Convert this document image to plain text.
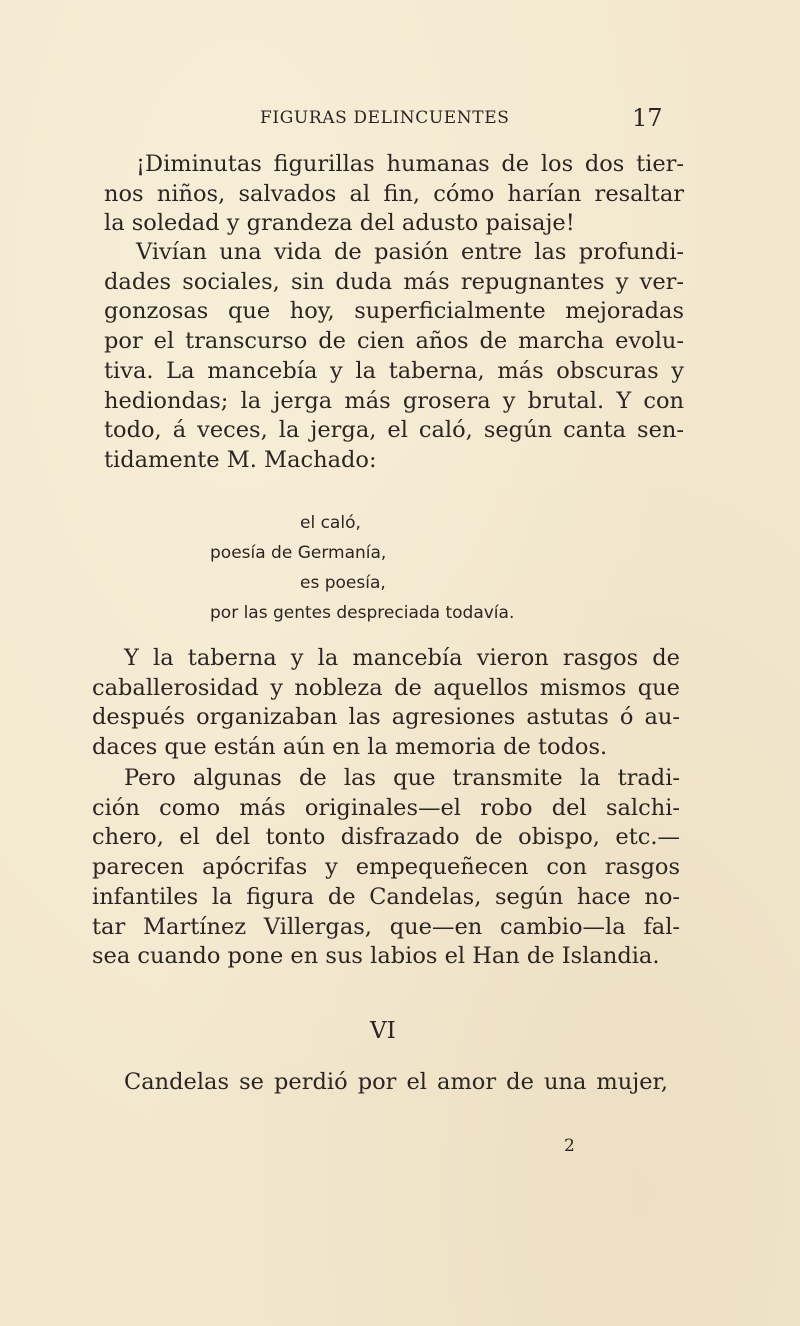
FIGURAS DELINCUENTES	17
¡Diminutas figurillas humanas de los dos tier-
nos niños, salvados al fin, cómo harían resaltar
la soledad y grandeza del adusto paisaje!
Vivían una vida de pasión entre las profundi-
dades sociales, sin duda más repugnantes y ver-
gonzosas que hoy, superficialmente mejoradas
por el transcurso de cien años de marcha evolu-
tiva. La mancebía y la taberna, más obscuras y
hediondas; la jerga más grosera y brutal. Y con
todo, á veces, la jerga, el caló, según canta sen-
tidamente M. Machado:
el caló,
poesía de Germanía,
es poesía,
por las gentes despreciada todavía.
Y la taberna y la mancebía vieron rasgos de
caballerosidad y nobleza de aquellos mismos que
después organizaban las agresiones astutas ó au-
daces que están aún en la memoria de todos.
Pero algunas de las que transmite la tradi-
ción como más originales—el robo del salchi-
chero, el del tonto disfrazado de obispo, etc.—
parecen apócrifas y empequeñecen con rasgos
infantiles la figura de Candelas, según hace no-
tar Martínez Villergas, que—en cambio—la fal-
sea cuando pone en sus labios el Han de Islandia.
VI
Candelas se perdió por el amor de una mujer,
2
